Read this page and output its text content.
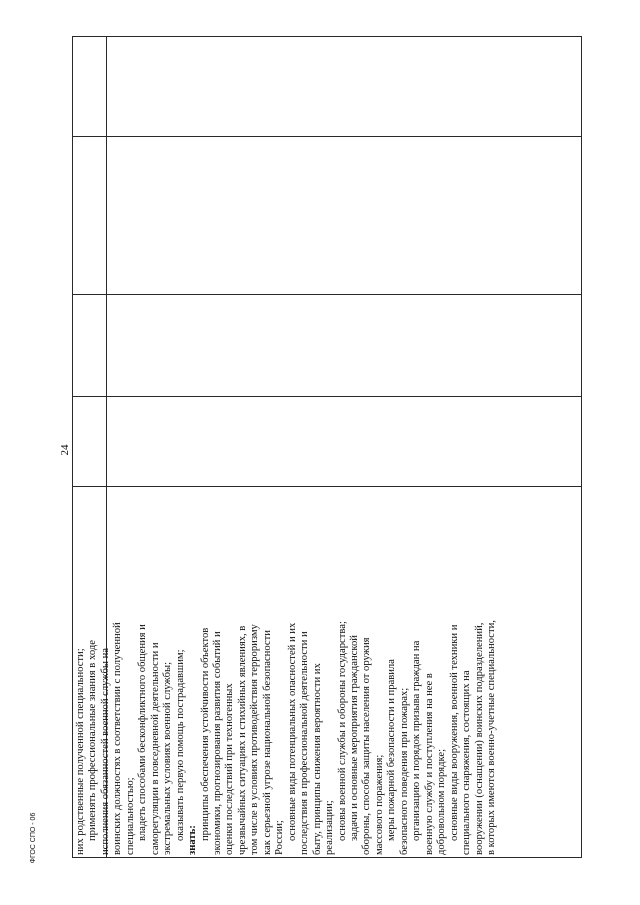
них родственные полученной специальности; применять профессиональные знания в ходе исполнения обязанностей военной службы на воинских должностях в соответствии с полученной специальностью; владеть способами бесконфликтного общения и саморегуляции в повседневной деятельности и экстремальных условиях военной службы; оказывать первую помощь пострадавшим; знать: принципы обеспечения устойчивости объектов экономики, прогнозирования развития событий и оценки последствий при техногенных чрезвычайных ситуациях и стихийных явлениях, в том числе в условиях противодействия терроризму как серьезной угрозе национальной безопасности России; основные виды потенциальных опасностей и их последствия в профессиональной деятельности и быту, принципы снижения вероятности их реализации; основы военной службы и обороны государства; задачи и основные мероприятия гражданской обороны, способы защиты населения от оружия массового поражения; меры пожарной безопасности и правила безопасного поведения при пожарах; организацию и порядок призыва граждан на военную службу и поступления на нее в добровольном порядке; основные виды вооружения, военной техники и специального снаряжения, состоящих на вооружении (оснащении) воинских подразделений, в которых имеются военно-учетные специальности,
24
ФГОС СПО - 06
